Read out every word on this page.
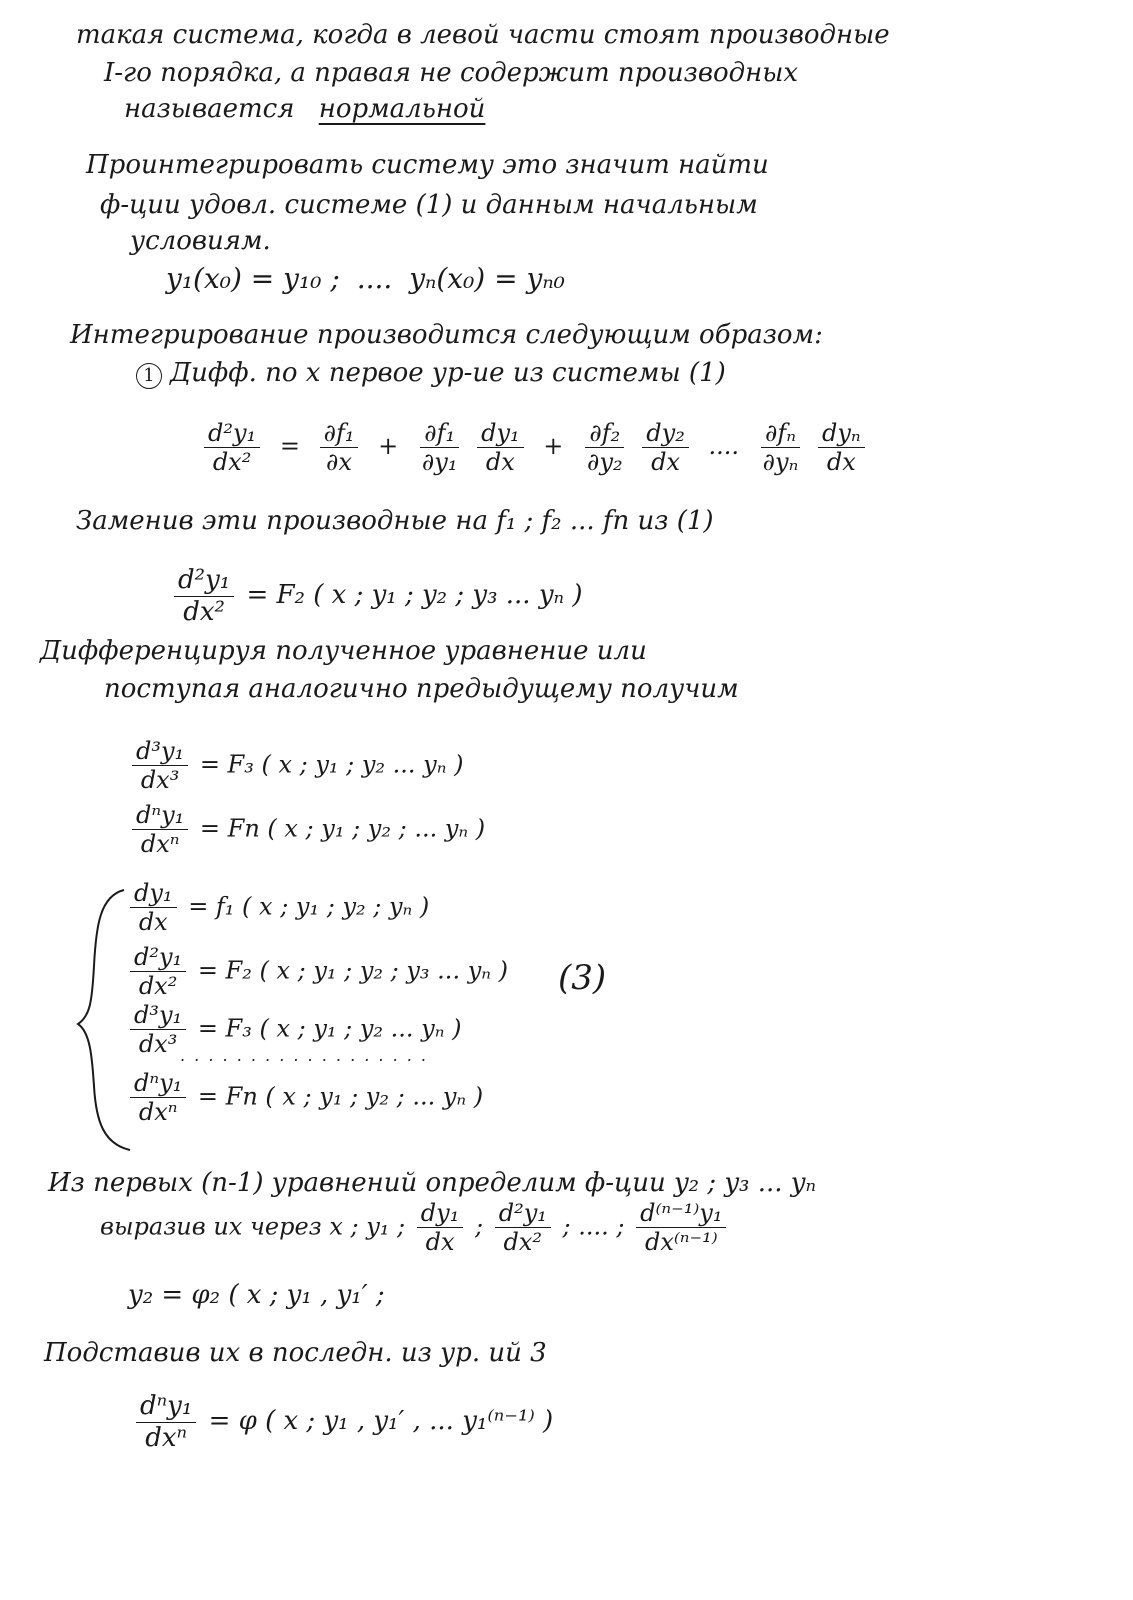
такая система, когда в левой части стоят производные
I-го порядка, а правая не содержит производных
называется нормальной
Проинтегрировать систему это значит найти
ф-ции удовл. системе (1) и данным начальным
условиям.
y₁(x₀) = y₁₀ ; .... yₙ(x₀) = yₙ₀
Интегрирование производится следующим образом:
1 Дифф. по x первое ур-ие из системы (1)
$\frac{\text{d²y₁}}{\text{dx²}} = \frac{\text{∂f₁}}{\partial x} + \frac{\text{∂f₁}}{\text{∂y₁}}$
$\frac{\text{dy₁}}{dx} + \frac{\text{∂f₂}}{\text{∂y₂}}$
$\frac{\text{dy₂}}{dx}$ .... $\frac{\text{∂fₙ}}{\text{∂yₙ}}$
$\frac{\text{dyₙ}}{dx}$
Заменив эти производные на f₁ ; f₂ ... fn из (1)
$\frac{\text{d²y₁}}{\text{dx²}} = F_2$ ( x ; y₁ ; y₂ ; y₃ ... yₙ )
Дифференцируя полученное уравнение или
поступая аналогично предыдущему получим
$\frac{\text{d³y₁}}{\text{dx³}} = F_3$ ( x ; y₁ ; y₂ ... yₙ )
$\frac{\text{dⁿy₁}}{\text{dxⁿ}} = Fn$ ( x ; y₁ ; y₂ ; ... yₙ )
$\frac{\text{dy₁}}{dx} = f_1$ ( x ; y₁ ; y₂ ; yₙ )
$\frac{\text{d²y₁}}{\text{dx²}} = F_2$ ( x ; y₁ ; y₂ ; y₃ ... yₙ )
$\frac{\text{d³y₁}}{\text{dx³}} = F_3$ ( x ; y₁ ; y₂ ... yₙ )
. . . . . . . . . . . . . . . . . .
$\frac{\text{dⁿy₁}}{\text{dxⁿ}} = Fn$ ( x ; y₁ ; y₂ ; ... yₙ )
(3)
Из первых (n-1) уравнений определим ф-ции y₂ ; y₃ ... yₙ
выразив их через x ; y₁ ; $\frac{\text{dy₁}}{dx}$ ; $\frac{\text{d²y₁}}{\text{dx²}}$ ; .... ; $\frac{\text{d⁽ⁿ⁻¹⁾y₁}}{\text{dx⁽ⁿ⁻¹⁾}}$
y₂ = φ₂ ( x ; y₁ , y₁′ ;
Подставив их в последн. из ур. ий 3
$\frac{\text{dⁿy₁}}{\text{dxⁿ}} = \varphi$ ( x ; y₁ , y₁′ , ... y₁⁽ⁿ⁻¹⁾ )
